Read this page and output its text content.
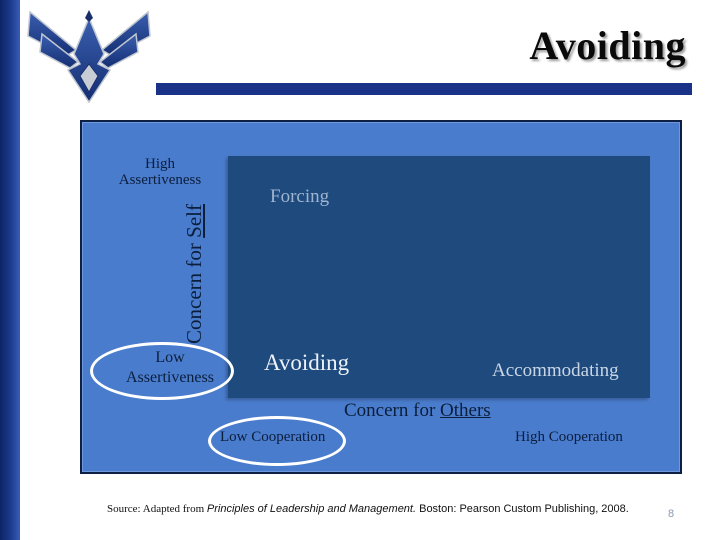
Avoiding
High
Assertiveness
Concern for Self
Forcing
Avoiding	Accommodating
Low
Assertiveness
Concern for Others
Low Cooperation	High Cooperation
Source: Adapted from Principles of Leadership and Management. Boston: Pearson Custom Publishing, 2008.	8
